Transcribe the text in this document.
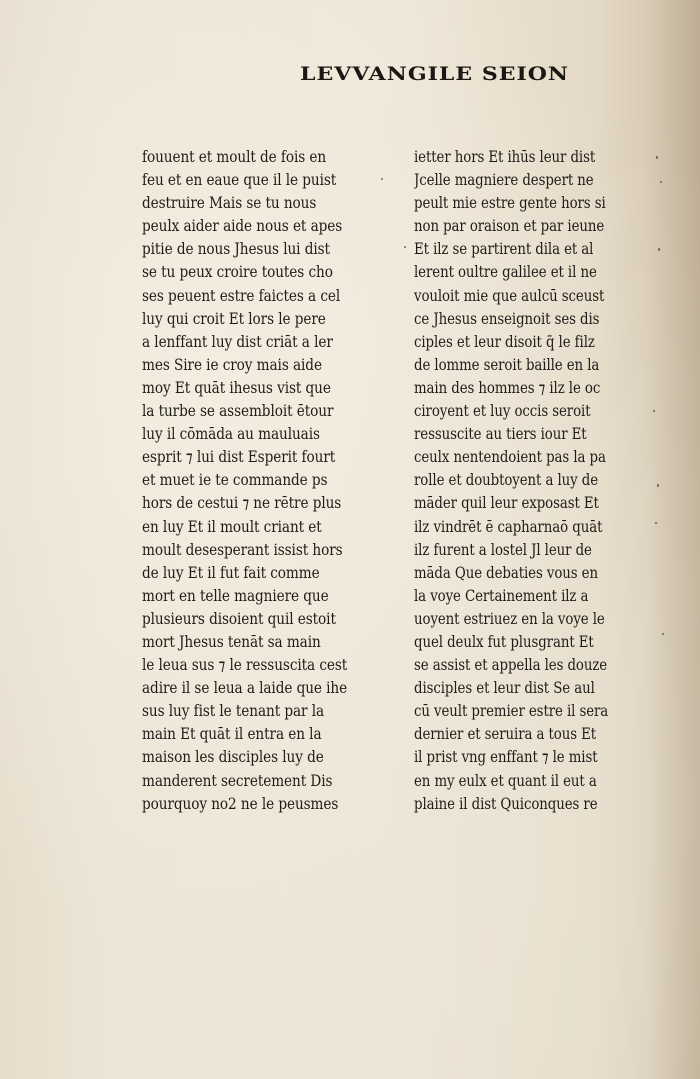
LEVVANGILE SEION
fouuent et moult de fois en
feu et en eaue que il le puist
destruire Mais se tu nous
peulx aider aide nous et apes
pitie de nous Jhesus lui dist
se tu peux croire toutes cho
ses peuent estre faictes a cel
luy qui croit Et lors le pere
a lenffant luy dist criāt a ler
mes Sire ie croy mais aide
moy Et quāt ihesus vist que
la turbe se assembloit ētour
luy il cōmāda au mauluais
esprit ⁊ lui dist Esperit fourt
et muet ie te commande ps
hors de cestui ⁊ ne rētre plus
en luy Et il moult criant et
moult desesperant issist hors
de luy Et il fut fait comme
mort en telle magniere que
plusieurs disoient quil estoit
mort Jhesus tenāt sa main
le leua sus ⁊ le ressuscita cest
adire il se leua a laide que ihe
sus luy fist le tenant par la
main Et quāt il entra en la
maison les disciples luy de
manderent secretement Dis
pourquoy no2 ne le peusmes
ietter hors Et ihūs leur dist
Jcelle magniere despert ne
peult mie estre gente hors si
non par oraison et par ieune
Et ilz se partirent dila et al
lerent oultre galilee et il ne
vouloit mie que aulcū sceust
ce Jhesus enseignoit ses dis
ciples et leur disoit q̄ le filz
de lomme seroit baille en la
main des hommes ⁊ ilz le oc
ciroyent et luy occis seroit
ressuscite au tiers iour Et
ceulx nentendoient pas la pa
rolle et doubtoyent a luy de
māder quil leur exposast Et
ilz vindrēt ē capharnaō quāt
ilz furent a lostel Jl leur de
māda Que debaties vous en
la voye Certainement ilz a
uoyent estriuez en la voye le
quel deulx fut plusgrant Et
se assist et appella les douze
disciples et leur dist Se aul
cū veult premier estre il sera
dernier et seruira a tous Et
il prist vng enffant ⁊ le mist
en my eulx et quant il eut a
plaine il dist Quiconques re
